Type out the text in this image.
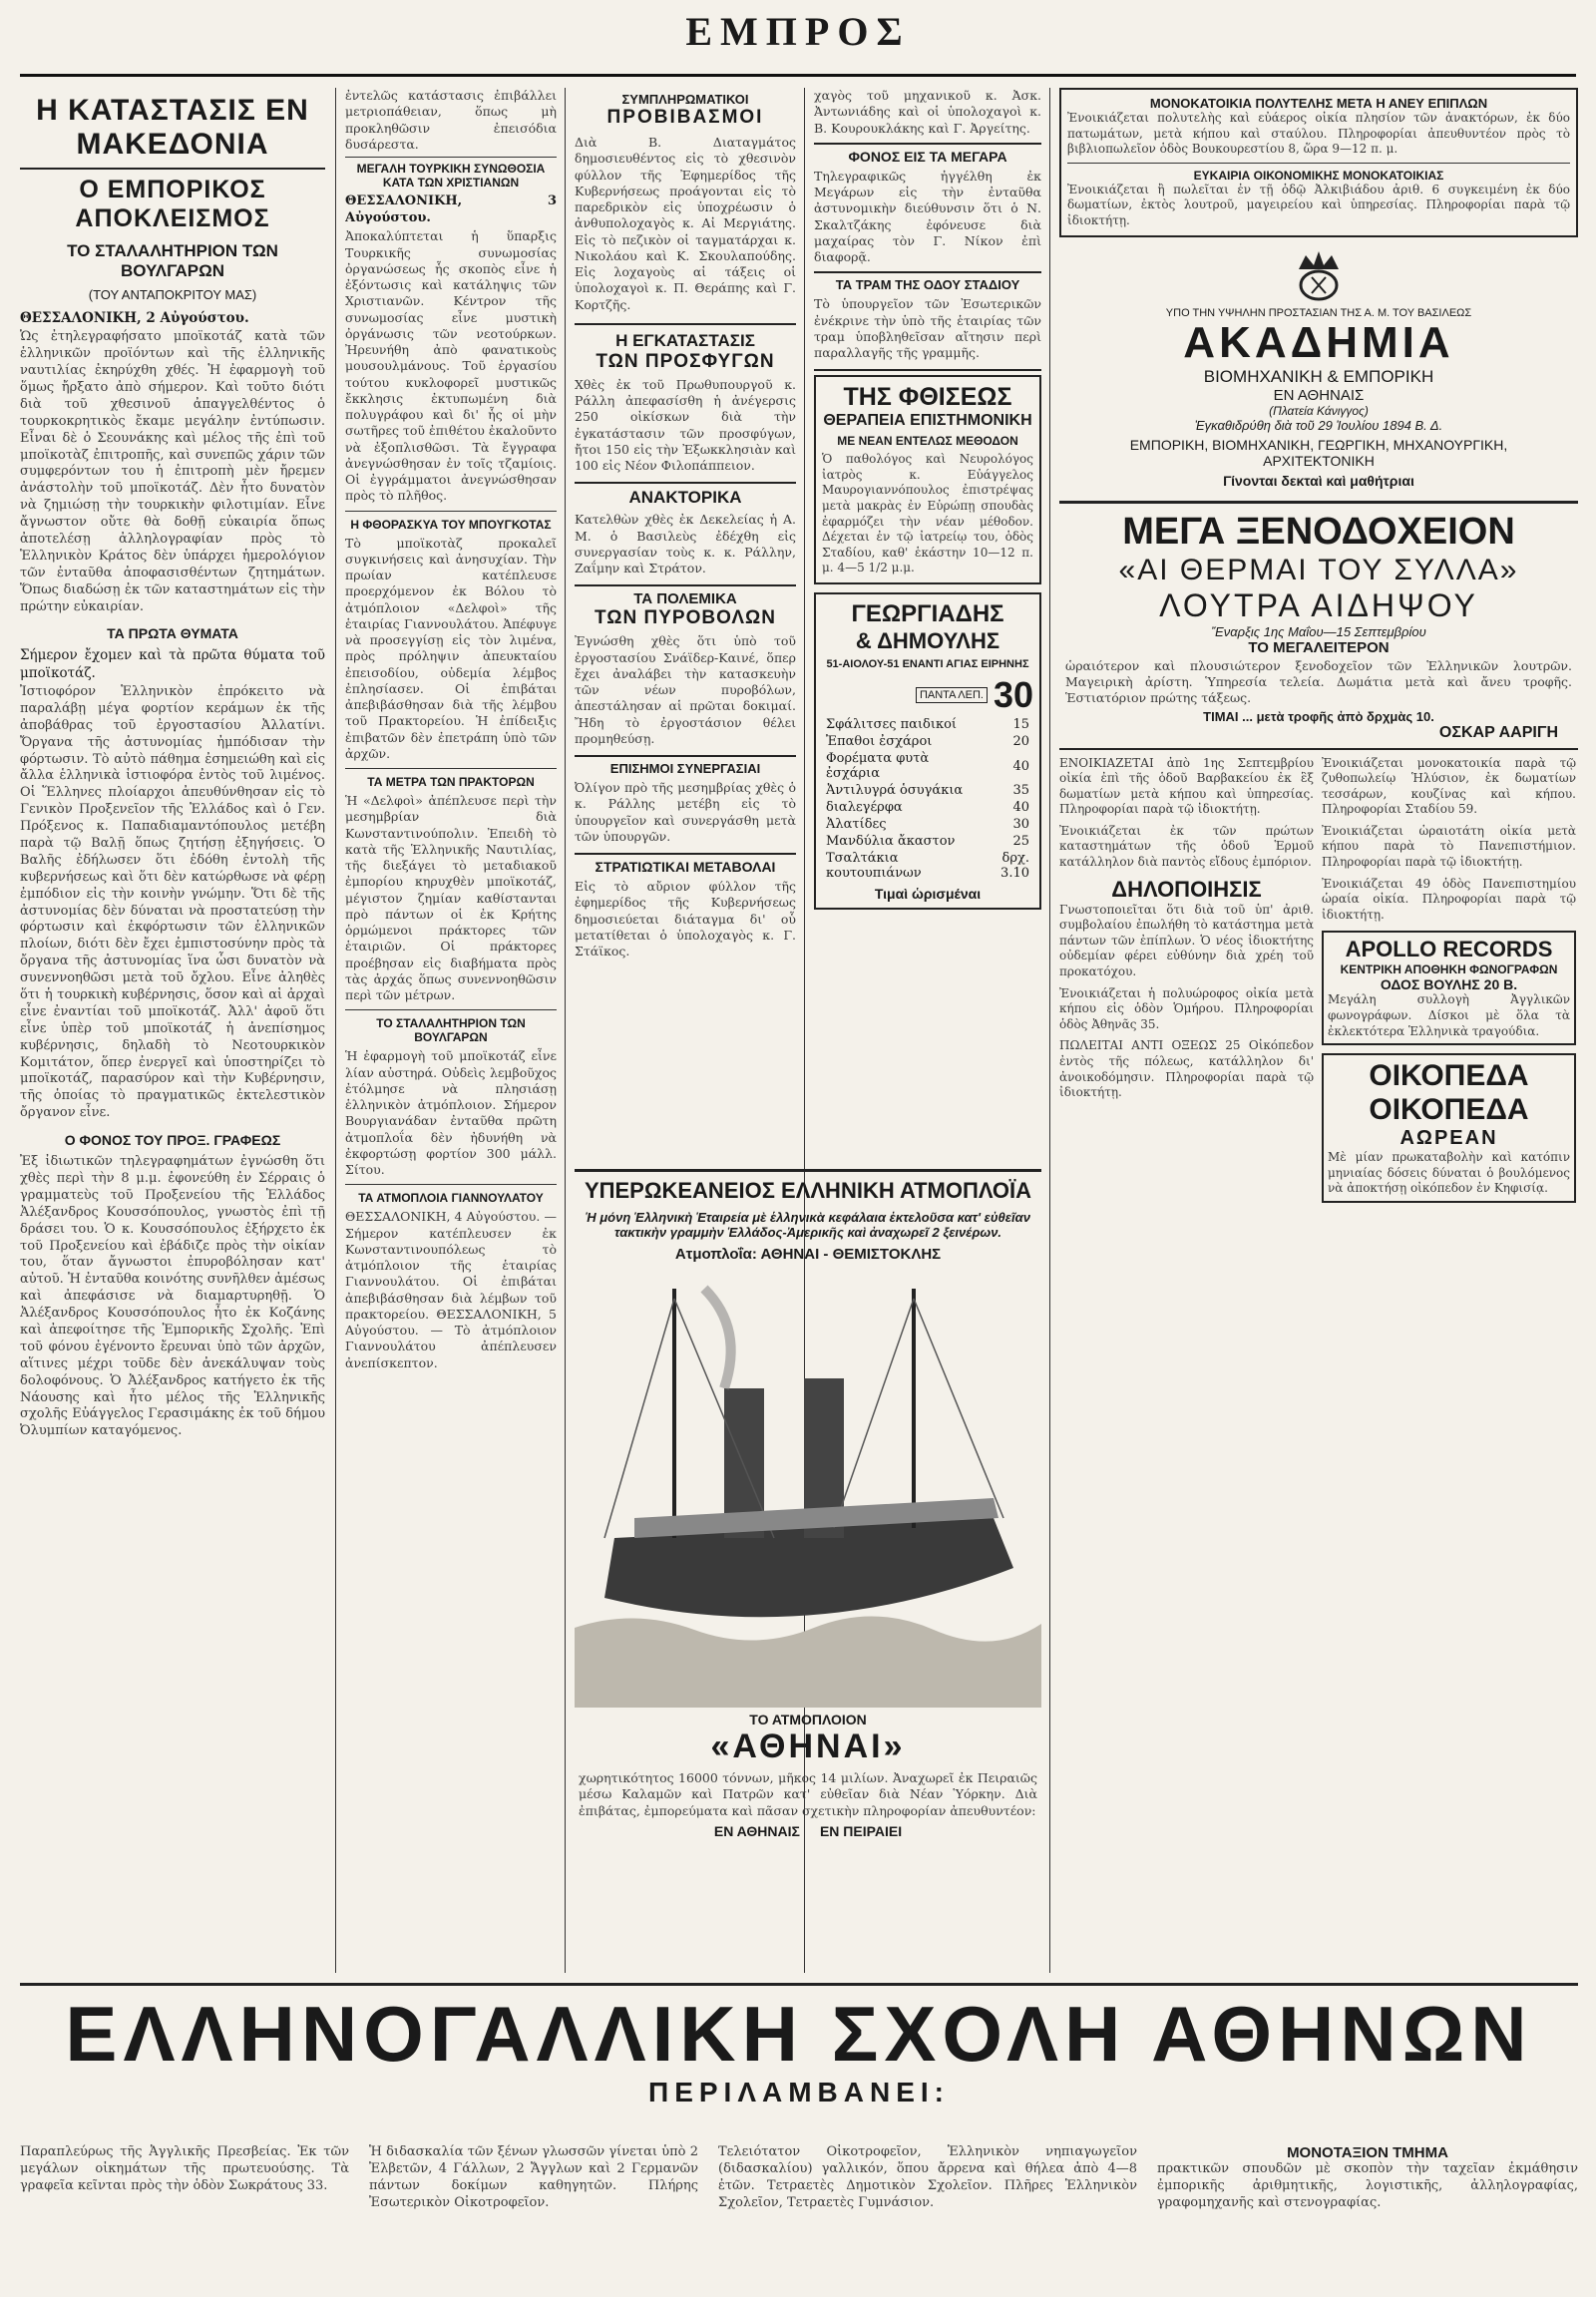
ΕΜΠΡΟΣ
Η ΚΑΤΑΣΤΑΣΙΣ ΕΝ ΜΑΚΕΔΟΝΙΑ
Ο ΕΜΠΟΡΙΚΟΣ ΑΠΟΚΛΕΙΣΜΟΣ
ΤΟ ΣΤΑΛΑΛΗΤΗΡΙΟΝ ΤΩΝ ΒΟΥΛΓΑΡΩΝ
(ΤΟΥ ΑΝΤΑΠΟΚΡΙΤΟΥ ΜΑΣ)
ΘΕΣΣΑΛΟΝΙΚΗ, 2 Αὐγούστου.
Ὡς ἐτηλεγραφήσατο μποϊκοτάζ κατὰ τῶν ἑλληνικῶν προϊόντων καὶ τῆς ἑλληνικῆς ναυτιλίας ἐκηρύχθη χθές. Ἡ ἐφαρμογὴ τοῦ ὅμως ἤρξατο ἀπὸ σήμερον. Καὶ τοῦτο διότι διὰ τοῦ χθεσινοῦ ἀπαγγελθέντος ὁ τουρκοκρητικὸς ἔκαμε μεγάλην ἐντύπωσιν. Εἶναι δὲ ὁ Σεουνάκης καὶ μέλος τῆς ἐπὶ τοῦ μποϊκοτὰζ ἐπιτροπῆς, καὶ συνεπῶς χάριν τῶν συμφερόντων του ἡ ἐπιτροπὴ μὲν ἤρεμεν ἀνάστολὴν τοῦ μποϊκοτάζ. Δὲν ἦτο δυνατὸν νὰ ζημιώσῃ τὴν τουρκικὴν φιλοτιμίαν. Εἶνε ἄγνωστον οὔτε θὰ δοθῇ εὐκαιρία ὅπως ἀποτελέσῃ ἀλληλογραφίαν πρὸς τὸ Ἑλληνικὸν Κράτος δὲν ὑπάρχει ἡμερολόγιον τῶν ἐνταῦθα ἀποφασισθέντων ζητημάτων. Ὅπως διαδώσῃ ἐκ τῶν καταστημάτων εἰς τὴν πρώτην εὐκαιρίαν.
ΤΑ ΠΡΩΤΑ ΘΥΜΑΤΑ
Σήμερον ἔχομεν καὶ τὰ πρῶτα θύματα τοῦ μποϊκοτάζ.
Ἰστιοφόρον Ἑλληνικὸν ἐπρόκειτο νὰ παραλάβῃ μέγα φορτίον κεράμων ἐκ τῆς ἀποβάθρας τοῦ ἐργοστασίου Ἀλλατίνι. Ὄργανα τῆς ἀστυνομίας ἠμπόδισαν τὴν φόρτωσιν. Τὸ αὐτὸ πάθημα ἐσημειώθη καὶ εἰς ἄλλα ἑλληνικὰ ἱστιοφόρα ἐντὸς τοῦ λιμένος. Οἱ Ἕλληνες πλοίαρχοι ἀπευθύνθησαν εἰς τὸ Γενικὸν Προξενεῖον τῆς Ἑλλάδος καὶ ὁ Γεν. Πρόξενος κ. Παπαδιαμαντόπουλος μετέβη παρὰ τῷ Βαλῇ ὅπως ζητήσῃ ἐξηγήσεις. Ὁ Βαλῆς ἐδήλωσεν ὅτι ἐδόθη ἐντολὴ τῆς κυβερνήσεως καὶ ὅτι δὲν κατώρθωσε νὰ φέρῃ ἐμπόδιον εἰς τὴν κοινὴν γνώμην. Ὅτι δὲ τῆς ἀστυνομίας δὲν δύναται νὰ προστατεύσῃ τὴν φόρτωσιν καὶ ἐκφόρτωσιν τῶν ἑλληνικῶν πλοίων, διότι δὲν ἔχει ἐμπιστοσύνην πρὸς τὰ ὄργανα τῆς ἀστυνομίας ἵνα ὦσι δυνατὸν νὰ συνεννοηθῶσι μετὰ τοῦ ὄχλου. Εἶνε ἀληθὲς ὅτι ἡ τουρκικὴ κυβέρνησις, ὅσον καὶ αἱ ἀρχαὶ εἶνε ἐναντίαι τοῦ μποϊκοτάζ. Ἀλλ' ἀφοῦ ὅτι εἶνε ὑπὲρ τοῦ μποϊκοτάζ ἡ ἀνεπίσημος κυβέρνησις, δηλαδὴ τὸ Νεοτουρκικὸν Κομιτάτον, ὅπερ ἐνεργεῖ καὶ ὑποστηρίζει τὸ μποϊκοτάζ, παρασύρον καὶ τὴν Κυβέρνησιν, τῆς ὁποίας τὸ πραγματικῶς ἐκτελεστικὸν ὄργανον εἶνε.
Ο ΦΟΝΟΣ ΤΟΥ ΠΡΟΞ. ΓΡΑΦΕΩΣ
Ἐξ ἰδιωτικῶν τηλεγραφημάτων ἐγνώσθη ὅτι χθὲς περὶ τὴν 8 μ.μ. ἐφονεύθη ἐν Σέρραις ὁ γραμματεὺς τοῦ Προξενείου τῆς Ἑλλάδος Ἀλέξανδρος Κουσσόπουλος, γνωστὸς ἐπὶ τῇ δράσει του. Ὁ κ. Κουσσόπουλος ἐξήρχετο ἐκ τοῦ Προξενείου καὶ ἐβάδιζε πρὸς τὴν οἰκίαν του, ὅταν ἄγνωστοι ἐπυροβόλησαν κατ' αὐτοῦ. Ἡ ἐνταῦθα κοινότης συνῆλθεν ἀμέσως καὶ ἀπεφάσισε νὰ διαμαρτυρηθῇ. Ὁ Ἀλέξανδρος Κουσσόπουλος ἦτο ἐκ Κοζάνης καὶ ἀπεφοίτησε τῆς Ἐμπορικῆς Σχολῆς. Ἐπὶ τοῦ φόνου ἐγένοντο ἔρευναι ὑπὸ τῶν ἀρχῶν, αἵτινες μέχρι τοῦδε δὲν ἀνεκάλυψαν τοὺς δολοφόνους. Ὁ Ἀλέξανδρος κατήγετο ἐκ τῆς Νάουσης καὶ ἦτο μέλος τῆς Ἑλληνικῆς σχολῆς Εὐάγγελος Γερασιμάκης ἐκ τοῦ δήμου Ὀλυμπίων καταγόμενος.
ἐντελῶς κατάστασις ἐπιβάλλει μετριοπάθειαν, ὅπως μὴ προκληθῶσιν ἐπεισόδια δυσάρεστα.
ΜΕΓΑΛΗ ΤΟΥΡΚΙΚΗ ΣΥΝΩΘΟΣΙΑ
ΚΑΤΑ ΤΩΝ ΧΡΙΣΤΙΑΝΩΝ
ΘΕΣΣΑΛΟΝΙΚΗ, 3 Αὐγούστου.
Ἀποκαλύπτεται ἡ ὕπαρξις Τουρκικῆς συνωμοσίας ὀργανώσεως ἧς σκοπὸς εἶνε ἡ ἐξόντωσις καὶ κατάληψις τῶν Χριστιανῶν. Κέντρον τῆς συνωμοσίας εἶνε μυστικὴ ὀργάνωσις τῶν νεοτούρκων. Ἠρευνήθη ἀπὸ φανατικοὺς μουσουλμάνους. Τοῦ ἐργασίου τούτου κυκλοφορεῖ μυστικῶς ἔκκλησις ἐκτυπωμένη διὰ πολυγράφου καὶ δι' ἧς οἱ μὴν σωτῆρες τοῦ ἐπιθέτου ἐκαλοῦντο νὰ ἐξοπλισθῶσι. Τὰ ἔγγραφα ἀνεγνώσθησαν ἐν τοῖς τζαμίοις. Οἱ ἐγγράμματοι ἀνεγνώσθησαν πρὸς τὸ πλῆθος.
Η ΦΘΟΡΑΣΚΥΑ ΤΟΥ ΜΠΟΥΓΚΟΤΑΣ
Τὸ μποϊκοτὰζ προκαλεῖ συγκινήσεις καὶ ἀνησυχίαν. Τὴν πρωίαν κατέπλευσε προερχόμενον ἐκ Βόλου τὸ ἀτμόπλοιον «Δελφοὶ» τῆς ἑταιρίας Γιαννουλάτου. Ἀπέφυγε νὰ προσεγγίσῃ εἰς τὸν λιμένα, πρὸς πρόληψιν ἀπευκταίου ἐπεισοδίου, οὐδεμία λέμβος ἐπλησίασεν. Οἱ ἐπιβάται ἀπεβιβάσθησαν διὰ τῆς λέμβου τοῦ Πρακτορείου. Ἡ ἐπίδειξις ἐπιβατῶν δὲν ἐπετράπη ὑπὸ τῶν ἀρχῶν.
ΤΑ ΜΕΤΡΑ ΤΩΝ ΠΡΑΚΤΟΡΩΝ
Ἡ «Δελφοὶ» ἀπέπλευσε περὶ τὴν μεσημβρίαν διὰ Κωνσταντινούπολιν. Ἐπειδὴ τὸ κατὰ τῆς Ἑλληνικῆς Ναυτιλίας, τῆς διεξάγει τὸ μεταδιακοῦ ἐμπορίου κηρυχθὲν μποϊκοτάζ, μέγιστον ζημίαν καθίστανται πρὸ πάντων οἱ ἐκ Κρήτης ὁρμώμενοι πράκτορες τῶν ἑταιριῶν. Οἱ πράκτορες προέβησαν εἰς διαβήματα πρὸς τὰς ἀρχάς ὅπως συνεννοηθῶσιν περὶ τῶν μέτρων.
ΤΟ ΣΤΑΛΑΛΗΤΗΡΙΟΝ ΤΩΝ ΒΟΥΛΓΑΡΩΝ
Ἡ ἐφαρμογὴ τοῦ μποϊκοτάζ εἶνε λίαν αὐστηρά. Οὐδεὶς λεμβοῦχος ἐτόλμησε νὰ πλησιάσῃ ἑλληνικὸν ἀτμόπλοιον. Σήμερον Βουργιανάδαν ἐνταῦθα πρῶτη ἀτμοπλοΐα δὲν ἠδυνήθη νὰ ἐκφορτώσῃ φορτίον 300 μάλλ. Σίτου.
ΤΑ ΑΤΜΟΠΛΟΙΑ ΓΙΑΝΝΟΥΛΑΤΟΥ
ΘΕΣΣΑΛΟΝΙΚΗ, 4 Αὐγούστου. — Σήμερον κατέπλευσεν ἐκ Κωνσταντινουπόλεως τὸ ἀτμόπλοιον τῆς ἑταιρίας Γιαννουλάτου. Οἱ ἐπιβάται ἀπεβιβάσθησαν διὰ λέμβων τοῦ πρακτορείου. ΘΕΣΣΑΛΟΝΙΚΗ, 5 Αὐγούστου. — Τὸ ἀτμόπλοιον Γιαννουλάτου ἀπέπλευσεν ἀνεπίσκεπτον.
ΣΥΜΠΛΗΡΩΜΑΤΙΚΟΙ
ΠΡΟΒΙΒΑΣΜΟΙ
Διὰ Β. Διαταγμάτος δημοσιευθέντος εἰς τὸ χθεσινὸν φύλλον τῆς Ἐφημερίδος τῆς Κυβερνήσεως προάγονται εἰς τὸ παρεδρικὸν εἰς ὑποχρέωσιν ὁ ἀνθυπολοχαγὸς κ. Αἰ Μεργιάτης. Εἰς τὸ πεζικὸν οἱ ταγματάρχαι κ. Νικολάου καὶ Κ. Σκουλαπούδης. Εἰς λοχαγοὺς αἱ τάξεις οἱ ὑπολοχαγοὶ κ. Π. Θεράπης καὶ Γ. Κορτζῆς.
Η ΕΓΚΑΤΑΣΤΑΣΙΣ
ΤΩΝ ΠΡΟΣΦΥΓΩΝ
Χθὲς ἐκ τοῦ Πρωθυπουργοῦ κ. Ράλλη ἀπεφασίσθη ἡ ἀνέγερσις 250 οἰκίσκων διὰ τὴν ἐγκατάστασιν τῶν προσφύγων, ἤτοι 150 εἰς τὴν Ἐξωκκλησιὰν καὶ 100 εἰς Νέον Φιλοπάππειον.
ΑΝΑΚΤΟΡΙΚΑ
Κατελθὼν χθὲς ἐκ Δεκελείας ἡ Α. Μ. ὁ Βασιλεὺς ἐδέχθη εἰς συνεργασίαν τοὺς κ. κ. Ράλλην, Ζαΐμην καὶ Στράτον.
ΤΑ ΠΟΛΕΜΙΚΑ
ΤΩΝ ΠΥΡΟΒΟΛΩΝ
Ἐγνώσθη χθὲς ὅτι ὑπὸ τοῦ ἐργοστασίου Σνάϊδερ-Καινέ, ὅπερ ἔχει ἀναλάβει τὴν κατασκευὴν τῶν νέων πυροβόλων, ἀπεστάλησαν αἱ πρῶται δοκιμαί. Ἤδη τὸ ἐργοστάσιον θέλει προμηθεύσῃ.
ΕΠΙΣΗΜΟΙ ΣΥΝΕΡΓΑΣΙΑΙ
Ὀλίγον πρὸ τῆς μεσημβρίας χθὲς ὁ κ. Ράλλης μετέβη εἰς τὸ ὑπουργεῖον καὶ συνεργάσθη μετὰ τῶν ὑπουργῶν.
ΣΤΡΑΤΙΩΤΙΚΑΙ ΜΕΤΑΒΟΛΑΙ
Εἰς τὸ αὔριον φύλλον τῆς ἐφημερίδος τῆς Κυβερνήσεως δημοσιεύεται διάταγμα δι' οὗ μετατίθεται ὁ ὑπολοχαγὸς κ. Γ. Στάϊκος.
χαγὸς τοῦ μηχανικοῦ κ. Ἀσκ. Ἀντωνιάδης καὶ οἱ ὑπολοχαγοὶ κ. Β. Κουρουκλάκης καὶ Γ. Ἀργείτης.
ΦΟΝΟΣ ΕΙΣ ΤΑ ΜΕΓΑΡΑ
Τηλεγραφικῶς ἠγγέλθη ἐκ Μεγάρων εἰς τὴν ἐνταῦθα ἀστυνομικὴν διεύθυνσιν ὅτι ὁ Ν. Σκαλτζάκης ἐφόνευσε διὰ μαχαίρας τὸν Γ. Νίκον ἐπὶ διαφορᾷ.
ΤΑ ΤΡΑΜ ΤΗΣ ΟΔΟΥ ΣΤΑΔΙΟΥ
Τὸ ὑπουργεῖον τῶν Ἐσωτερικῶν ἐνέκρινε τὴν ὑπὸ τῆς ἑταιρίας τῶν τραμ ὑποβληθεῖσαν αἴτησιν περὶ παραλλαγῆς τῆς γραμμῆς.
ΤΗΣ ΦΘΙΣΕΩΣ
ΘΕΡΑΠΕΙΑ ΕΠΙΣΤΗΜΟΝΙΚΗ
ΜΕ ΝΕΑΝ ΕΝΤΕΛΩΣ ΜΕΘΟΔΟΝ
Ὁ παθολόγος καὶ Νευρολόγος ἰατρὸς κ. Εὐάγγελος Μαυρογιαννόπουλος ἐπιστρέψας μετὰ μακρὰς ἐν Εὐρώπῃ σπουδὰς ἐφαρμόζει τὴν νέαν μέθοδον. Δέχεται ἐν τῷ ἰατρείῳ του, ὁδὸς Σταδίου, καθ' ἑκάστην 10—12 π. μ. 4—5 1/2 μ.μ.
ΓΕΩΡΓΙΑΔΗΣ
& ΔΗΜΟΥΛΗΣ
51-ΑΙΟΛΟΥ-51 ΕΝΑΝΤΙ ΑΓΙΑΣ ΕΙΡΗΝΗΣ
ΠΑΝΤΑ ΛΕΠ. 30
Σφάλιτσες παιδικοί	15
Ἐπαθοι ἐσχάροι	20
Φορέματα φυτὰ ἐσχάρια	40
Ἀντιλυγρά ὁσυγάκια	35
διαλεγέρφα	40
Ἀλατίδες	30
Μανδύλια ἄκαστον	25
Τσαλτάκια κουτουπιάνων	δρχ. 3.10
Τιμαὶ ὡρισμέναι
ΜΟΝΟΚΑΤΟΙΚΙΑ ΠΟΛΥΤΕΛΗΣ ΜΕΤΑ Η ΑΝΕΥ ΕΠΙΠΛΩΝ
Ἐνοικιάζεται πολυτελὴς καὶ εὐάερος οἰκία πλησίον τῶν ἀνακτόρων, ἐκ δύο πατωμάτων, μετὰ κήπου καὶ σταύλου. Πληροφορίαι ἀπευθυντέον πρὸς τὸ βιβλιοπωλεῖον ὁδὸς Βουκουρεστίου 8, ὥρα 9—12 π. μ.
ΕΥΚΑΙΡΙΑ ΟΙΚΟΝΟΜΙΚΗΣ ΜΟΝΟΚΑΤΟΙΚΙΑΣ
Ἐνοικιάζεται ἢ πωλεῖται ἐν τῇ ὁδῷ Ἀλκιβιάδου ἀριθ. 6 συγκειμένη ἐκ δύο δωματίων, ἐκτὸς λουτροῦ, μαγειρείου καὶ ὑπηρεσίας. Πληροφορίαι παρὰ τῷ ἰδιοκτήτῃ.
ΥΠΟ ΤΗΝ ΥΨΗΛΗΝ ΠΡΟΣΤΑΣΙΑΝ ΤΗΣ Α. Μ. ΤΟΥ ΒΑΣΙΛΕΩΣ
ΑΚΑΔΗΜΙΑ
ΒΙΟΜΗΧΑΝΙΚΗ & ΕΜΠΟΡΙΚΗ
ΕΝ ΑΘΗΝΑΙΣ
(Πλατεία Κάνιγγος)
Ἐγκαθιδρύθη διὰ τοῦ 29 Ἰουλίου 1894 Β. Δ.
ΕΜΠΟΡΙΚΗ, ΒΙΟΜΗΧΑΝΙΚΗ, ΓΕΩΡΓΙΚΗ, ΜΗΧΑΝΟΥΡΓΙΚΗ, ΑΡΧΙΤΕΚΤΟΝΙΚΗ
Γίνονται δεκταὶ καὶ μαθήτριαι
ΜΕΓΑ ΞΕΝΟΔΟΧΕΙΟΝ
«ΑΙ ΘΕΡΜΑΙ ΤΟΥ ΣΥΛΛΑ»
ΛΟΥΤΡΑ ΑΙΔΗΨΟΥ
Ἔναρξις 1ης Μαΐου—15 Σεπτεμβρίου
ΤΟ ΜΕΓΑΛΕΙΤΕΡΟΝ
ὡραιότερον καὶ πλουσιώτερον ξενοδοχεῖον τῶν Ἑλληνικῶν λουτρῶν. Μαγειρικὴ ἀρίστη. Ὑπηρεσία τελεία. Δωμάτια μετὰ καὶ ἄνευ τροφῆς. Ἑστιατόριον πρώτης τάξεως.
ΤΙΜΑΙ ... μετὰ τροφῆς ἀπὸ δρχμὰς 10.
ΟΣΚΑΡ ΑΑΡΙΓΗ
ΕΝΟΙΚΙΑΖΕΤΑΙ ἀπὸ 1ης Σεπτεμβρίου οἰκία ἐπὶ τῆς ὁδοῦ Βαρβακείου ἐκ ἓξ δωματίων μετὰ κήπου καὶ ὑπηρεσίας. Πληροφορίαι παρὰ τῷ ἰδιοκτήτῃ.
Ἐνοικιάζεται ἐκ τῶν πρώτων καταστημάτων τῆς ὁδοῦ Ἑρμοῦ κατάλληλον διὰ παντὸς εἴδους ἐμπόριον.
ΔΗΛΟΠΟΙΗΣΙΣ
Γνωστοποιεῖται ὅτι διὰ τοῦ ὑπ' ἀριθ. συμβολαίου ἐπωλήθη τὸ κατάστημα μετὰ πάντων τῶν ἐπίπλων. Ὁ νέος ἰδιοκτήτης οὐδεμίαν φέρει εὐθύνην διὰ χρέη τοῦ προκατόχου.
Ἐνοικιάζεται ἡ πολυώροφος οἰκία μετὰ κήπου εἰς ὁδὸν Ὁμήρου. Πληροφορίαι ὁδὸς Ἀθηνᾶς 35.
ΠΩΛΕΙΤΑΙ ΑΝΤΙ ΟΞΕΩΣ 25 Οἰκόπεδον ἐντὸς τῆς πόλεως, κατάλληλον δι' ἀνοικοδόμησιν. Πληροφορίαι παρὰ τῷ ἰδιοκτήτῃ.
Ἐνοικιάζεται μονοκατοικία παρὰ τῷ ζυθοπωλείῳ Ἡλύσιον, ἐκ δωματίων τεσσάρων, κουζίνας καὶ κήπου. Πληροφορίαι Σταδίου 59.
Ἐνοικιάζεται ὡραιοτάτη οἰκία μετὰ κήπου παρὰ τὸ Πανεπιστήμιον. Πληροφορίαι παρὰ τῷ ἰδιοκτήτῃ.
Ἐνοικιάζεται 49 ὁδὸς Πανεπιστημίου ὡραία οἰκία. Πληροφορίαι παρὰ τῷ ἰδιοκτήτῃ.
APOLLO RECORDS
ΚΕΝΤΡΙΚΗ ΑΠΟΘΗΚΗ ΦΩΝΟΓΡΑΦΩΝ
ΟΔΟΣ ΒΟΥΛΗΣ 20 Β.
Μεγάλη συλλογὴ Ἀγγλικῶν φωνογράφων. Δίσκοι μὲ ὅλα τὰ ἐκλεκτότερα Ἑλληνικὰ τραγούδια.
ΟΙΚΟΠΕΔΑ
ΟΙΚΟΠΕΔΑ
ΑΩΡΕΑΝ
Μὲ μίαν πρωκαταβολὴν καὶ κατόπιν μηνιαίας δόσεις δύναται ὁ βουλόμενος νὰ ἀποκτήσῃ οἰκόπεδον ἐν Κηφισίᾳ.
ΥΠΕΡΩΚΕΑΝΕΙΟΣ ΕΛΛΗΝΙΚΗ ΑΤΜΟΠΛΟΪΑ
Ἡ μόνη Ἑλληνικὴ Ἑταιρεία μὲ ἑλληνικὰ κεφάλαια ἐκτελοῦσα κατ' εὐθεῖαν τακτικὴν γραμμὴν Ἑλλάδος-Ἀμερικῆς καὶ ἀναχωρεῖ 2 ξεινέρων.
Ατμοπλοΐα: ΑΘΗΝΑΙ - ΘΕΜΙΣΤΟΚΛΗΣ
ΤΟ ΑΤΜΟΠΛΟΙΟΝ
«ΑΘΗΝΑΙ»
χωρητικότητος 16000 τόννων, μῆκος 14 μιλίων. Ἀναχωρεῖ ἐκ Πειραιῶς μέσω Καλαμῶν καὶ Πατρῶν κατ' εὐθεῖαν διὰ Νέαν Ὑόρκην. Διὰ ἐπιβάτας, ἐμπορεύματα καὶ πᾶσαν σχετικὴν πληροφορίαν ἀπευθυντέον:
ΕΝ ΑΘΗΝΑΙΣ ΕΝ ΠΕΙΡΑΙΕΙ
ΕΛΛΗΝΟΓΑΛΛΙΚΗ ΣΧΟΛΗ ΑΘΗΝΩΝ
ΠΕΡΙΛΑΜΒΑΝΕΙ:
Παραπλεύρως τῆς Ἀγγλικῆς Πρεσβείας. Ἐκ τῶν μεγάλων οἰκημάτων τῆς πρωτευούσης. Τὰ γραφεῖα κεῖνται πρὸς τὴν ὁδὸν Σωκράτους 33.
Ἡ διδασκαλία τῶν ξένων γλωσσῶν γίνεται ὑπὸ 2 Ἐλβετῶν, 4 Γάλλων, 2 Ἄγγλων καὶ 2 Γερμανῶν πάντων δοκίμων καθηγητῶν. Πλήρης Ἐσωτερικὸν Οἰκοτροφεῖον.
Τελειότατον Οἰκοτροφεῖον, Ἑλληνικὸν νηπιαγωγεῖον (διδασκαλίου) γαλλικόν, ὅπου ἄρρενα καὶ θήλεα ἀπὸ 4—8 ἐτῶν. Τετραετὲς Δημοτικὸν Σχολεῖον. Πλῆρες Ἑλληνικὸν Σχολεῖον, Τετραετὲς Γυμνάσιον.
ΜΟΝΟΤΑΞΙΟΝ ΤΜΗΜΑ
πρακτικῶν σπουδῶν μὲ σκοπὸν τὴν ταχεῖαν ἐκμάθησιν ἐμπορικῆς ἀριθμητικῆς, λογιστικῆς, ἀλληλογραφίας, γραφομηχανῆς καὶ στενογραφίας.
